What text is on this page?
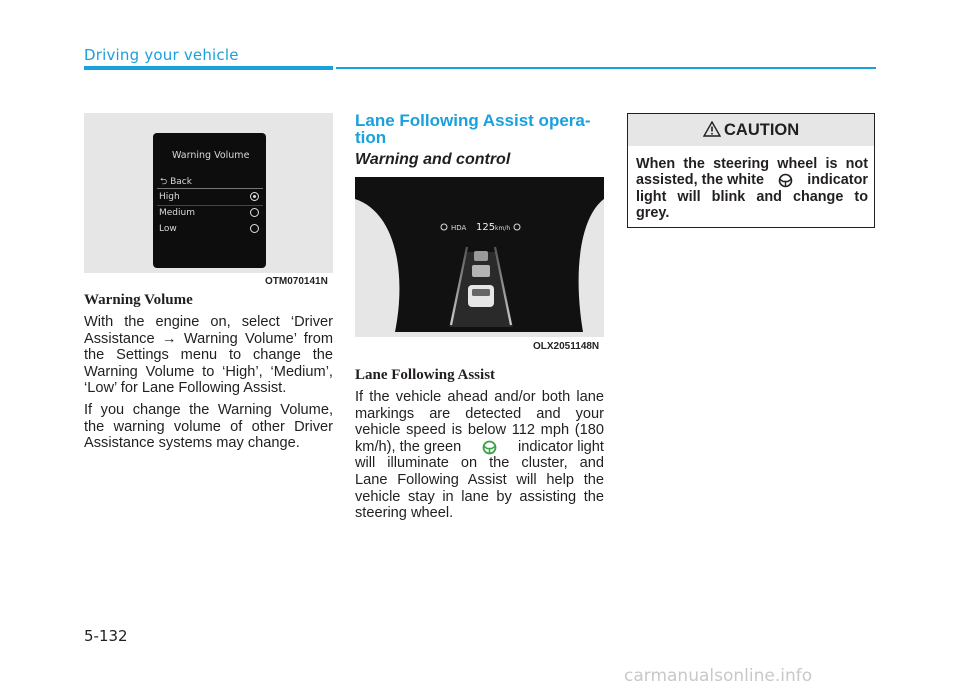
Driving your vehicle
Warning Volume
⮌ Back
High
Medium
Low
OTM070141N
Warning Volume
With the engine on, select ‘Driver Assistance → Warning Volume’ from the Settings menu to change the Warning Volume to ‘High’, ‘Medium’, ‘Low’ for Lane Following Assist.
If you change the Warning Volume, the warning volume of other Driver Assistance systems may change.
Lane Following Assist opera-
tion
Warning and control
HDA 125 km/h
OLX2051148N
Lane Following Assist
If the vehicle ahead and/or both lane
markings are detected and your
vehicle speed is below 112 mph (180
km/h), the green	indicator light
will illuminate on the cluster, and
Lane Following Assist will help the
vehicle stay in lane by assisting the
steering wheel.
CAUTION
When the steering wheel is not
assisted, the white	indicator
light will blink and change to
grey.
5-132
carmanualsonline.info
